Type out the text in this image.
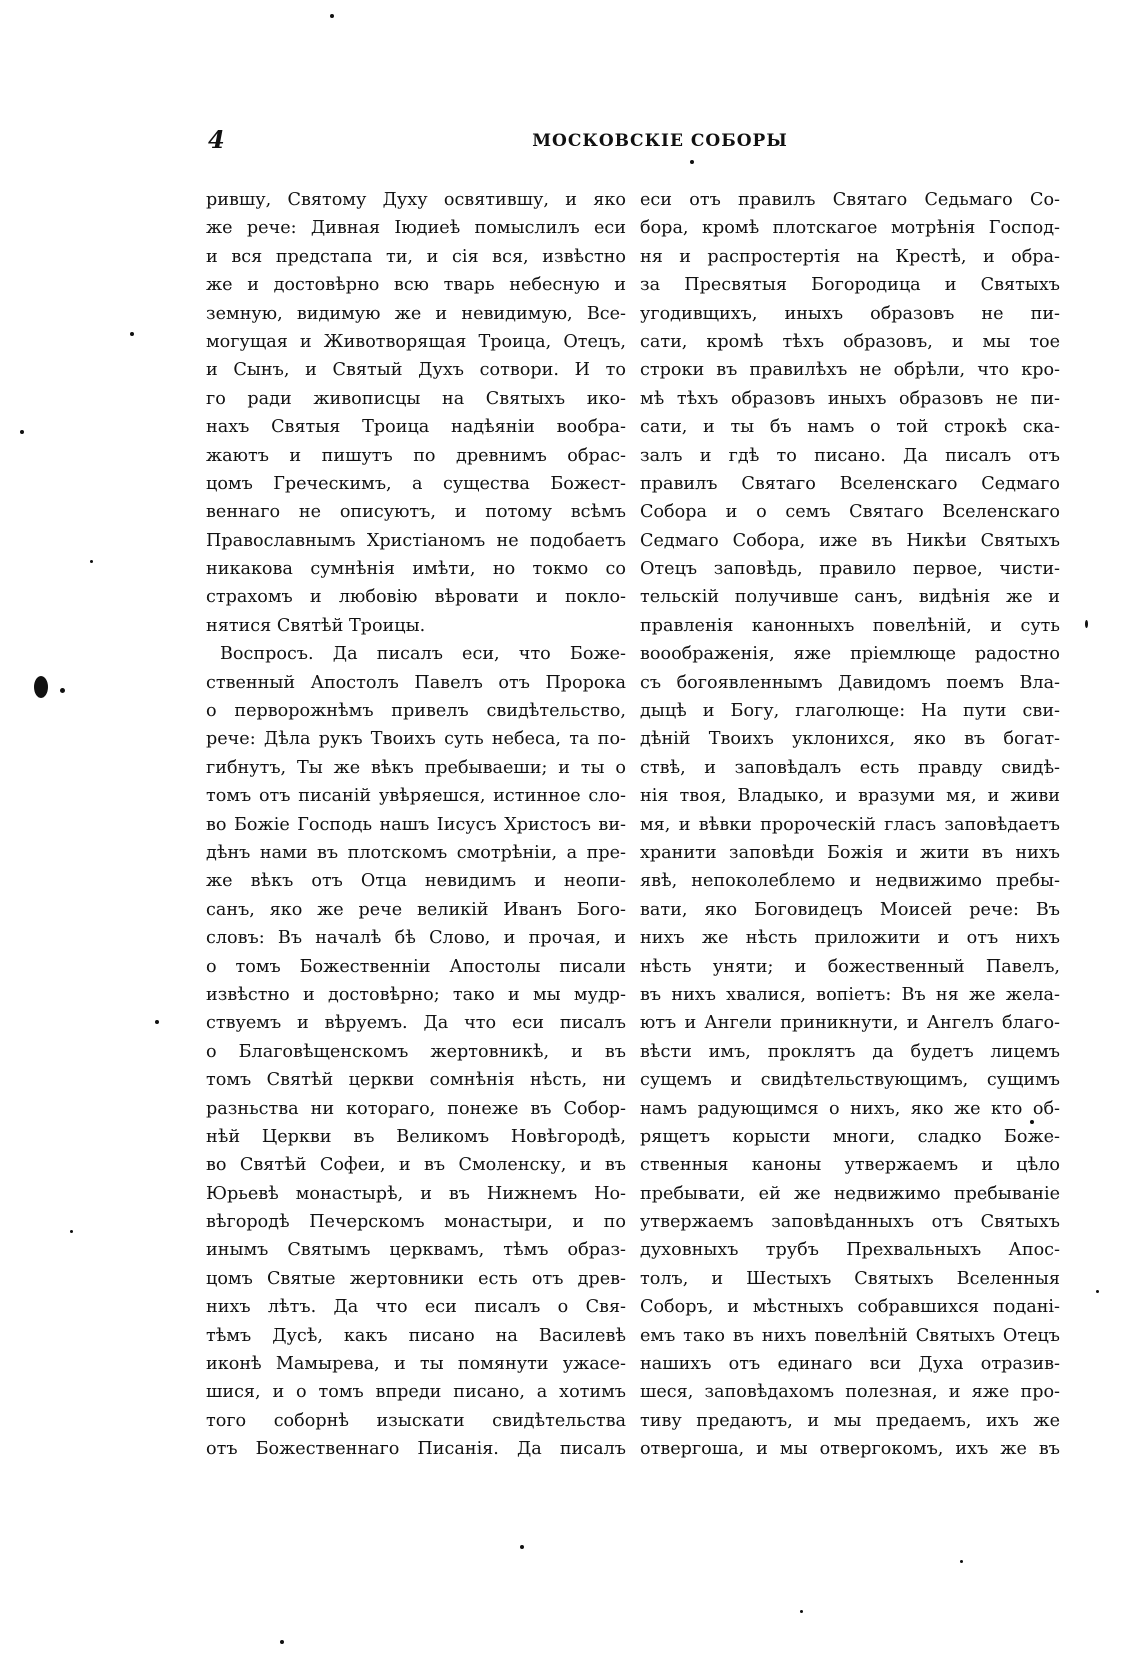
4	МОСКОВСКІЕ СОБОРЫ
рившу, Святому Духу освятившу, и яко
же рече: Дивная Іюдиеѣ помыслилъ еси
и вся предстапа ти, и сія вся, извѣстно
же и достовѣрно всю тварь небесную и
земную, видимую же и невидимую, Все-
могущая и Животворящая Троица, Отецъ,
и Сынъ, и Святый Духъ сотвори. И то
го ради живописцы на Святыхъ ико-
нахъ Святыя Троица надѣяніи вообра-
жаютъ и пишутъ по древнимъ обрас-
цомъ Греческимъ, а существа Божест-
веннаго не описуютъ, и потому всѣмъ
Православнымъ Христіаномъ не подобаетъ
никакова сумнѣнія имѣти, но токмо со
страхомъ и любовію вѣровати и покло-
нятися Святѣй Троицы.
Воспросъ. Да писалъ еси, что Боже-
ственный Апостолъ Павелъ отъ Пророка
о перворожнѣмъ привелъ свидѣтельство,
рече: Дѣла рукъ Твоихъ суть небеса, та по-
гибнутъ, Ты же вѣкъ пребываеши; и ты о
томъ отъ писаній увѣряешся, истинное сло-
во Божіе Господь нашъ Іисусъ Христосъ ви-
дѣнъ нами въ плотскомъ смотрѣніи, а пре-
же вѣкъ отъ Отца невидимъ и неопи-
санъ, яко же рече великій Иванъ Бого-
словъ: Въ началѣ бѣ Слово, и прочая, и
о томъ Божественніи Апостолы писали
извѣстно и достовѣрно; тако и мы мудр-
ствуемъ и вѣруемъ. Да что еси писалъ
о Благовѣщенскомъ жертовникѣ, и въ
томъ Святѣй церкви сомнѣнія нѣсть, ни
разньства ни котораго, понеже въ Собор-
нѣй Церкви въ Великомъ Новѣгородѣ,
во Святѣй Софеи, и въ Смоленску, и въ
Юрьевѣ монастырѣ, и въ Нижнемъ Но-
вѣгородѣ Печерскомъ монастыри, и по
инымъ Святымъ церквамъ, тѣмъ образ-
цомъ Святые жертовники есть отъ древ-
нихъ лѣтъ. Да что еси писалъ о Свя-
тѣмъ Дусѣ, какъ писано на Василевѣ
иконѣ Мамырева, и ты помянути ужасе-
шися, и о томъ впреди писано, а хотимъ
того соборнѣ изыскати свидѣтельства
отъ Божественнаго Писанія. Да писалъ
еси отъ правилъ Святаго Седьмаго Со-
бора, кромѣ плотскагое мотрѣнія Господ-
ня и распростертія на Крестѣ, и обра-
за Пресвятыя Богородица и Святыхъ
угодивщихъ, иныхъ образовъ не пи-
сати, кромѣ тѣхъ образовъ, и мы тое
строки въ правилѣхъ не обрѣли, что кро-
мѣ тѣхъ образовъ иныхъ образовъ не пи-
сати, и ты бъ намъ о той строкѣ ска-
залъ и гдѣ то писано. Да писалъ отъ
правилъ Святаго Вселенскаго Седмаго
Собора и о семъ Святаго Вселенскаго
Седмаго Собора, иже въ Никѣи Святыхъ
Отецъ заповѣдь, правило первое, чисти-
тельскій получивше санъ, видѣнія же и
правленія канонныхъ повелѣній, и суть
вооображенія, яже пріемлюще радостно
съ богоявленнымъ Давидомъ поемъ Вла-
дыцѣ и Богу, глаголюще: На пути сви-
дѣній Твоихъ уклонихся, яко въ богат-
ствѣ, и заповѣдалъ есть правду свидѣ-
нія твоя, Владыко, и вразуми мя, и живи
мя, и вѣвки пророческій гласъ заповѣдаетъ
хранити заповѣди Божія и жити въ нихъ
явѣ, непоколеблемо и недвижимо пребы-
вати, яко Боговидецъ Моисей рече: Въ
нихъ же нѣсть приложити и отъ нихъ
нѣсть уняти; и божественный Павелъ,
въ нихъ хвалися, вопіетъ: Въ ня же жела-
ютъ и Ангели приникнути, и Ангелъ благо-
вѣсти имъ, проклятъ да будетъ лицемъ
сущемъ и свидѣтельствующимъ, сущимъ
намъ радующимся о нихъ, яко же кто об-
рящетъ корысти многи, сладко Боже-
ственныя каноны утвержаемъ и цѣло
пребывати, ей же недвижимо пребываніе
утвержаемъ заповѣданныхъ отъ Святыхъ
духовныхъ трубъ Прехвальныхъ Апос-
толъ, и Шестыхъ Святыхъ Вселенныя
Соборъ, и мѣстныхъ собравшихся подані-
емъ тако въ нихъ повелѣній Святыхъ Отецъ
нашихъ отъ единаго вси Духа отразив-
шеся, заповѣдахомъ полезная, и яже про-
тиву предаютъ, и мы предаемъ, ихъ же
отвергоша, и мы отвергокомъ, ихъ же въ
